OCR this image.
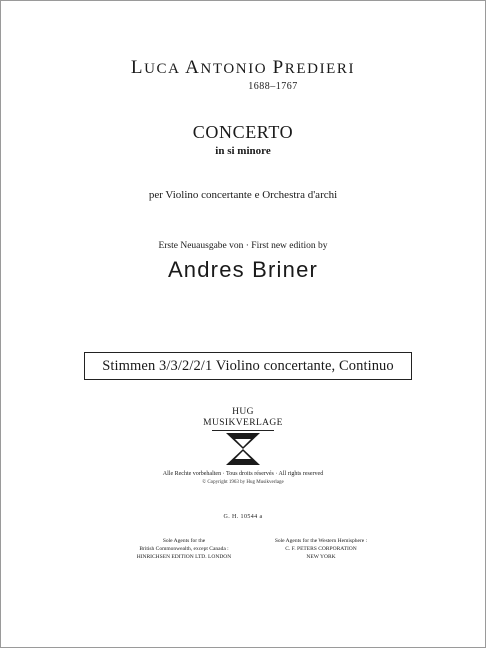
LUCA ANTONIO PREDIERI
1688–1767
CONCERTO
in si minore
per Violino concertante e Orchestra d'archi
Erste Neuausgabe von · First new edition by
Andres Briner
Stimmen 3/3/2/2/1 Violino concertante, Continuo
HUG
MUSIKVERLAGE
Alle Rechte vorbehalten · Tous droits réservés · All rights reserved
© Copyright 1963 by Hug Musikverlage
G. H. 10544 a
Sole Agents for the
British Commonwealth, except Canada :
HINRICHSEN EDITION LTD. LONDON
Sole Agents for the Western Hemisphere :
C. F. PETERS CORPORATION
NEW YORK
